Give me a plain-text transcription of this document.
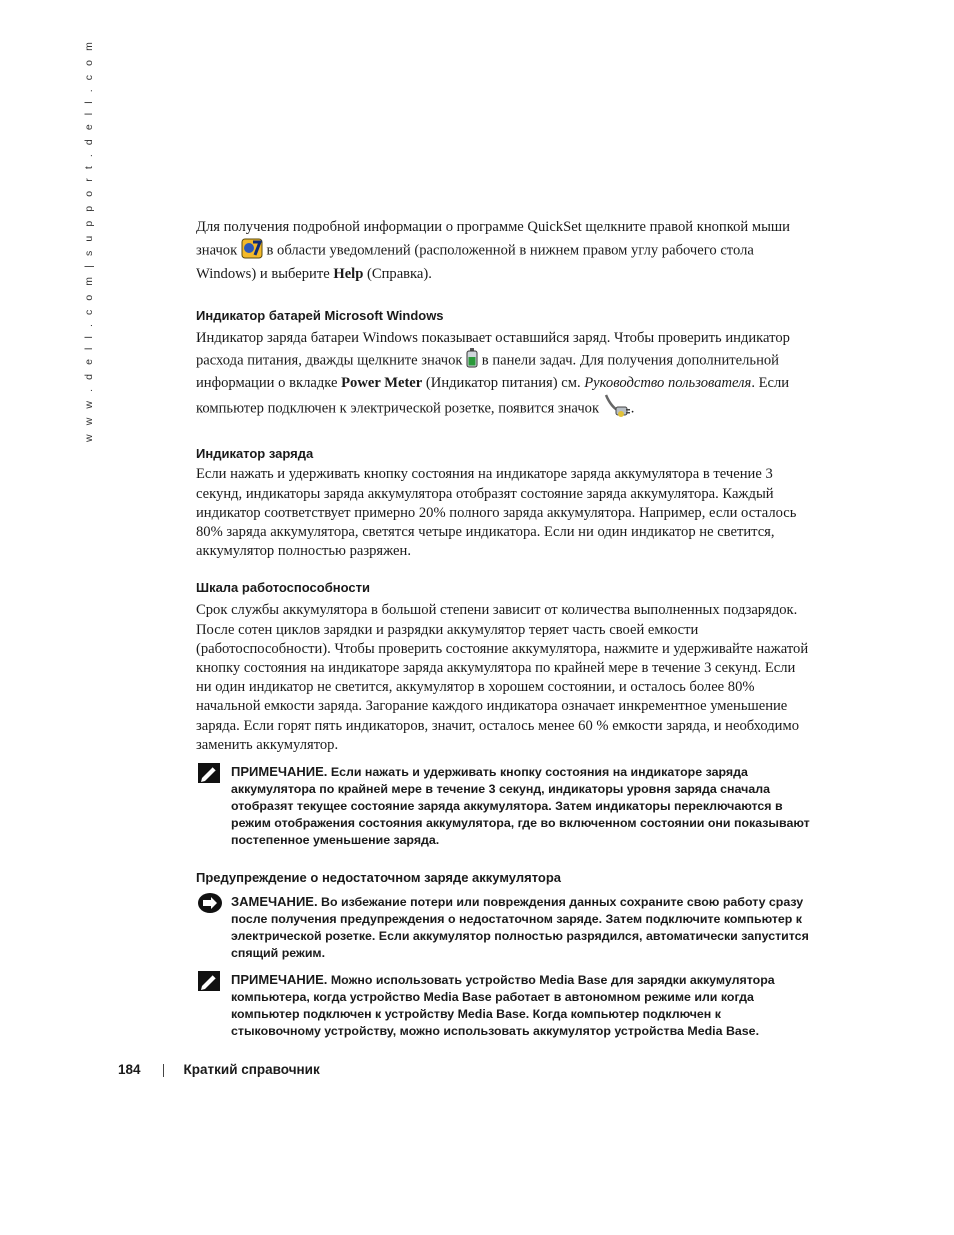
w w w . d e l l . c o m | s u p p o r t . d e l l . c o m	Для получения подробной информации о программе QuickSet щелкните правой кнопкой мыши значок  в области уведомлений (расположенной в нижнем правом углу рабочего стола Windows) и выберите Help (Справка).

Индикатор батарей Microsoft Windows

Индикатор заряда батареи Windows показывает оставшийся заряд. Чтобы проверить индикатор расхода питания, дважды щелкните значок  в панели задач. Для получения дополнительной информации о вкладке Power Meter (Индикатор питания) см. Руководство пользователя. Если компьютер подключен к электрической розетке, появится значок .

Индикатор заряда

Если нажать и удерживать кнопку состояния на индикаторе заряда аккумулятора в течение 3 секунд, индикаторы заряда аккумулятора отобразят состояние заряда аккумулятора. Каждый индикатор соответствует примерно 20% полного заряда аккумулятора. Например, если осталось 80% заряда аккумулятора, светятся четыре индикатора. Если ни один индикатор не светится, аккумулятор полностью разряжен.

Шкала работоспособности

Срок службы аккумулятора в большой степени зависит от количества выполненных подзарядок. После сотен циклов зарядки и разрядки аккумулятор теряет часть своей емкости (работоспособности). Чтобы проверить состояние аккумулятора, нажмите и удерживайте нажатой кнопку состояния на индикаторе заряда аккумулятора по крайней мере в течение 3 секунд. Если ни один индикатор не светится, аккумулятор в хорошем состоянии, и осталось более 80% начальной емкости заряда. Загорание каждого индикатора означает инкрементное уменьшение заряда. Если горят пять индикаторов, значит, осталось менее 60 % емкости заряда, и необходимо заменить аккумулятор.

ПРИМЕЧАНИЕ. Если нажать и удерживать кнопку состояния на индикаторе заряда аккумулятора по крайней мере в течение 3 секунд, индикаторы уровня заряда сначала отобразят текущее состояние заряда аккумулятора. Затем индикаторы переключаются в режим отображения состояния аккумулятора, где во включенном состоянии они показывают постепенное уменьшение заряда.
Предупреждение о недостаточном заряде аккумулятора
ЗАМЕЧАНИЕ. Во избежание потери или повреждения данных сохраните свою работу сразу после получения предупреждения о недостаточном заряде. Затем подключите компьютер к электрической розетке. Если аккумулятор полностью разрядился, автоматически запустится спящий режим.
ПРИМЕЧАНИЕ. Можно использовать устройство Media Base для зарядки аккумулятора компьютера, когда устройство Media Base работает в автономном режиме или когда компьютер подключен к устройству Media Base. Когда компьютер подключен к стыковочному устройству, можно использовать аккумулятор устройства Media Base.
184	Краткий справочник
